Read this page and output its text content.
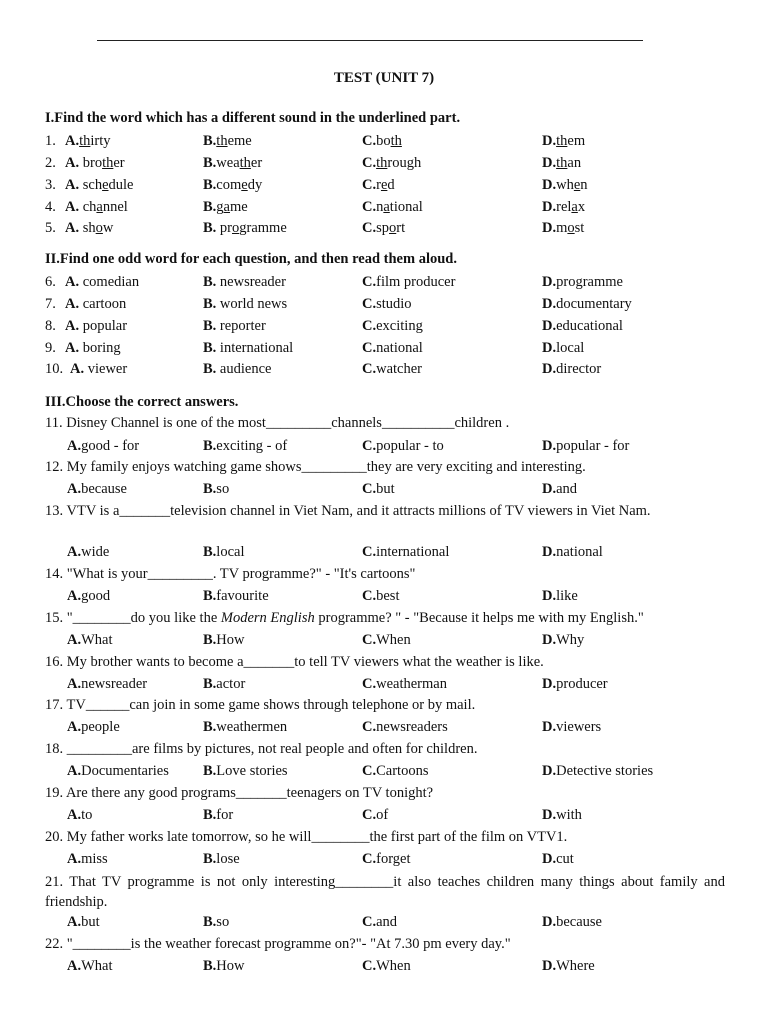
TEST (UNIT 7)
I.Find the word which has a different sound in the underlined part.
1. A.thirty	B.theme	C.both	D.them
2. A. brother	B.weather	C.through	D.than
3. A. schedule	B.comedy	C.red	D.when
4. A. channel	B.game	C.national	D.relax
5. A. show	B. programme	C.sport	D.most
II.Find one odd word for each question, and then read them aloud.
6. A. comedian	B. newsreader	C.film producer	D.programme
7. A. cartoon	B. world news	C.studio	D.documentary
8. A. popular	B. reporter	C.exciting	D.educational
9. A. boring	B. international	C.national	D.local
10. A. viewer	B. audience	C.watcher	D.director
III.Choose the correct answers.
11. Disney Channel is one of the most_________channels__________children .
A. good - for	B. exciting - of	C. popular - to	D. popular - for
12. My family enjoys watching game shows_________they are very exciting and interesting.
A. because	B. so	C. but	D. and
13. VTV is a_______television channel in Viet Nam, and it attracts millions of TV viewers in Viet Nam.
A. wide	B. local	C. international	D. national
14. "What is your_________. TV programme?" - "It's cartoons"
A. good	B. favourite	C. best	D. like
15. "________do you like the Modern English programme? " - "Because it helps me with my English."
A. What	B. How	C. When	D. Why
16. My brother wants to become a_______to tell TV viewers what the weather is like.
A. newsreader	B. actor	C. weatherman	D. producer
17. TV______can join in some game shows through telephone or by mail.
A. people	B. weathermen	C. newsreaders	D. viewers
18. _________are films by pictures, not real people and often for children.
A. Documentaries B. Love stories	C. Cartoons	D. Detective stories
19. Are there any good programs_______teenagers on TV tonight?
A. to	B. for	C. of	D. with
20. My father works late tomorrow, so he will________the first part of the film on VTV1.
A. miss	B. lose	C. forget	D. cut
21. That TV programme is not only interesting________it also teaches children many things about family and friendship.
A. but	B. so	C. and	D. because
22. "________is the weather forecast programme on?"- "At 7.30 pm every day."
A. What	B. How	C. When	D. Where
